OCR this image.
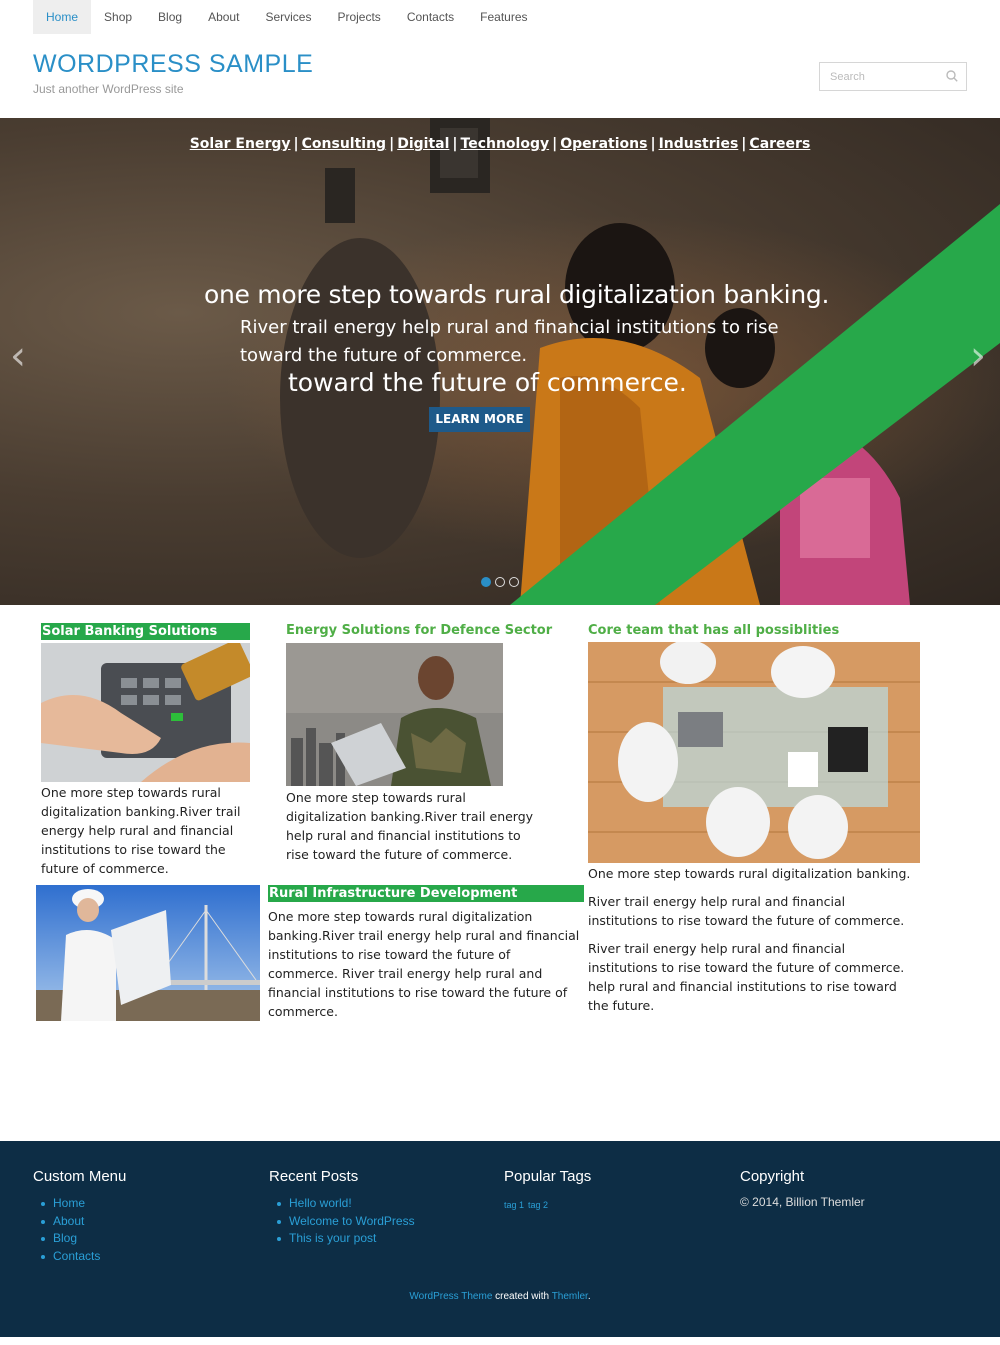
Home	Shop	Blog	About	Services	Projects	Contacts	Features
WORDPRESS SAMPLE
Just another WordPress site
Search
Solar Energy | Consulting | Digital | Technology | Operations | Industries | Careers
one more step towards rural digitalization banking.
River trail energy help rural and financial institutions to rise toward the future of commerce.
toward the future of commerce.
LEARN MORE
‹	›
Solar Banking Solutions
One more step towards rural digitalization banking.River trail energy help rural and financial institutions to rise toward the future of commerce.
Energy Solutions for Defence Sector
One more step towards rural digitalization banking.River trail energy help rural and financial institutions to rise toward the future of commerce.
Core team that has all possiblities
One more step towards rural digitalization banking.
River trail energy help rural and financial institutions to rise toward the future of commerce.
River trail energy help rural and financial institutions to rise toward the future of commerce. help rural and financial institutions to rise toward the future.
Rural Infrastructure Development
One more step towards rural digitalization banking.River trail energy help rural and financial institutions to rise toward the future of commerce. River trail energy help rural and financial institutions to rise toward the future of commerce.
Custom Menu
Home
About
Blog
Contacts
Recent Posts
Hello world!
Welcome to WordPress
This is your post
Popular Tags
tag 1 tag 2
Copyright
© 2014, Billion Themler
WordPress Theme created with Themler.
